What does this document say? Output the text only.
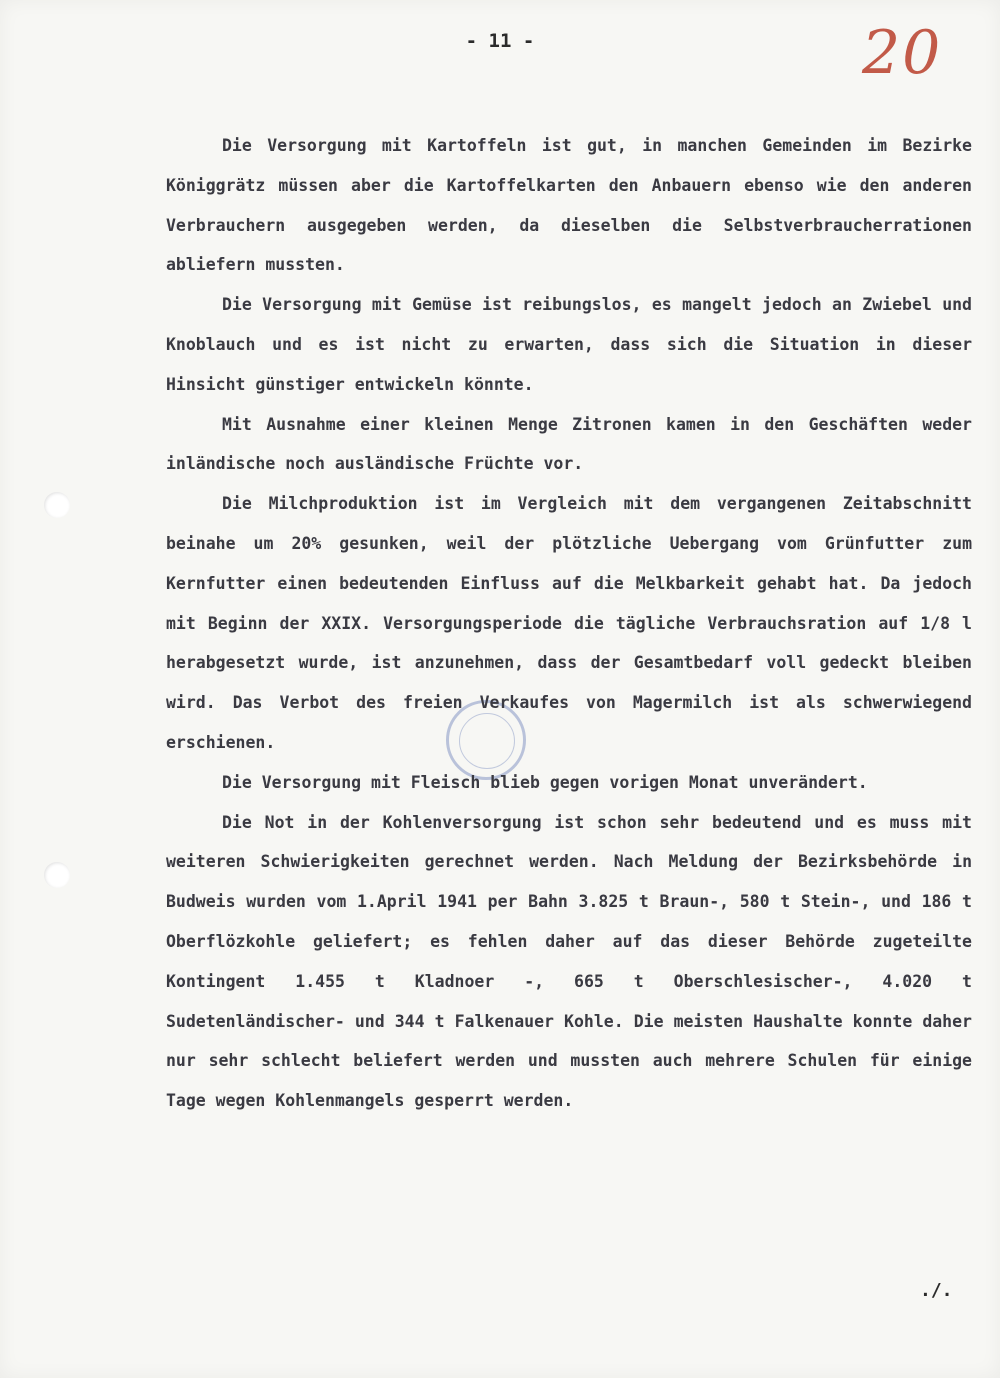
- 11 -	20

Die Versorgung mit Kartoffeln ist gut, in manchen Gemeinden im Bezirke Königgrätz müssen aber die Kartoffelkarten den Anbauern ebenso wie den anderen Verbrauchern ausgegeben werden, da dieselben die Selbstverbraucherrationen abliefern mussten.

Die Versorgung mit Gemüse ist reibungslos, es mangelt jedoch an Zwiebel und Knoblauch und es ist nicht zu erwarten, dass sich die Situation in dieser Hinsicht günstiger entwickeln könnte.

Mit Ausnahme einer kleinen Menge Zitronen kamen in den Geschäften weder inländische noch ausländische Früchte vor.

Die Milchproduktion ist im Vergleich mit dem vergangenen Zeitabschnitt beinahe um 20% gesunken, weil der plötzliche Uebergang vom Grünfutter zum Kernfutter einen bedeutenden Einfluss auf die Melkbarkeit gehabt hat. Da jedoch mit Beginn der XXIX. Versorgungsperiode die tägliche Verbrauchsration auf 1/8 l herabgesetzt wurde, ist anzunehmen, dass der Gesamtbedarf voll gedeckt bleiben wird. Das Verbot des freien Verkaufes von Magermilch ist als schwerwiegend erschienen.

Die Versorgung mit Fleisch blieb gegen vorigen Monat unverändert.

Die Not in der Kohlenversorgung ist schon sehr bedeutend und es muss mit weiteren Schwierigkeiten gerechnet werden. Nach Meldung der Bezirksbehörde in Budweis wurden vom 1.April 1941 per Bahn 3.825 t Braun-, 580 t Stein-, und 186 t Oberflözkohle geliefert; es fehlen daher auf das dieser Behörde zugeteilte Kontingent 1.455 t Kladnoer -, 665 t Oberschlesischer-, 4.020 t Sudetenländischer- und 344 t Falkenauer Kohle. Die meisten Haushalte konnte daher nur sehr schlecht beliefert werden und mussten auch mehrere Schulen für einige Tage wegen Kohlenmangels gesperrt werden.

./.
